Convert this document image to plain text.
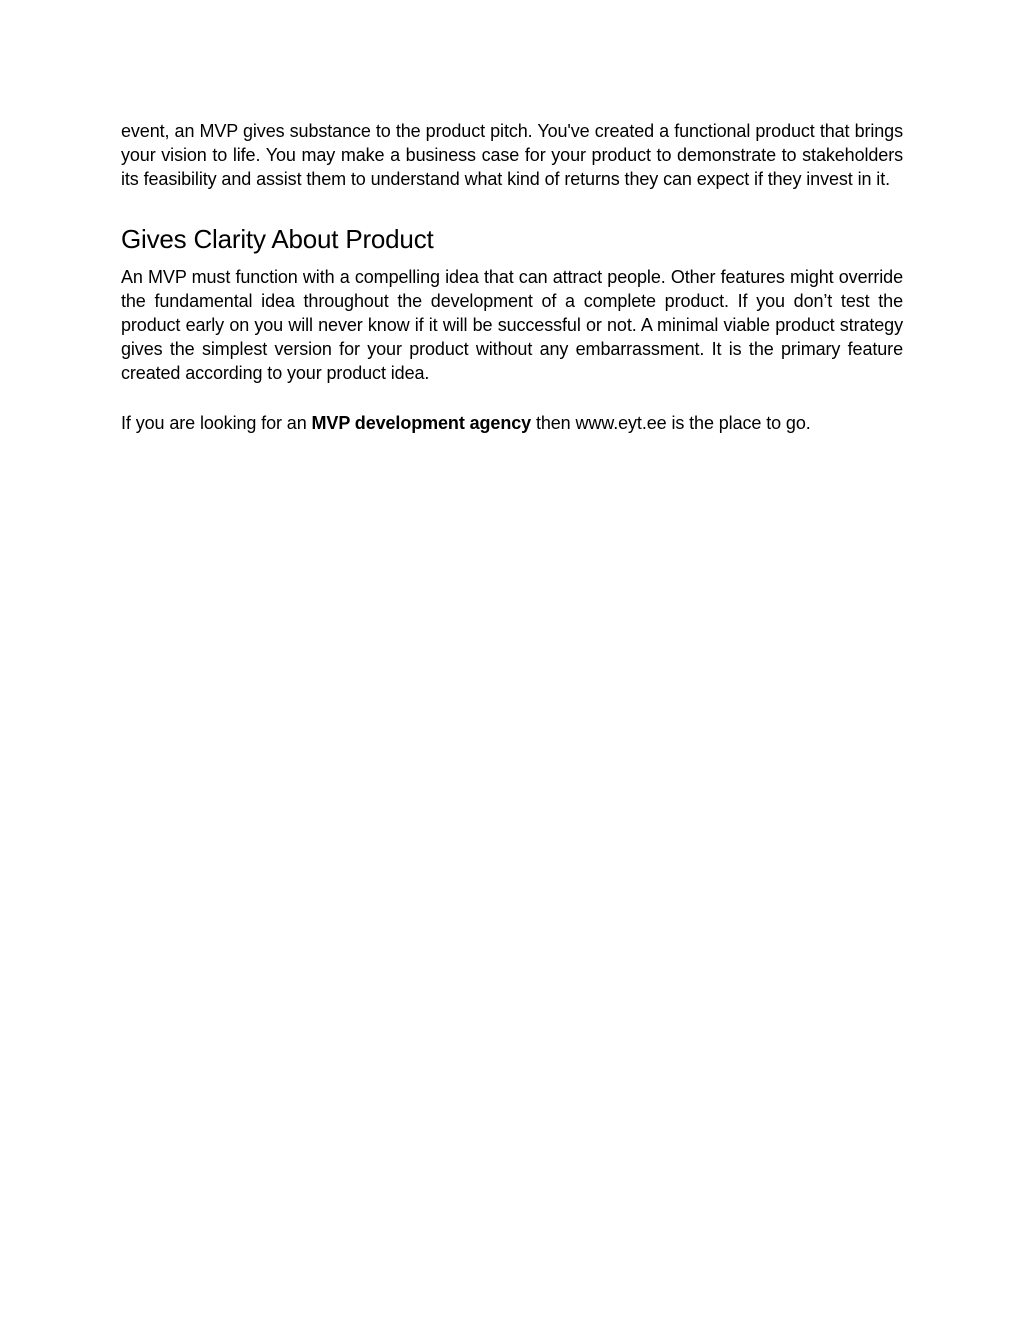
event, an MVP gives substance to the product pitch. You've created a functional product that brings your vision to life. You may make a business case for your product to demonstrate to stakeholders its feasibility and assist them to understand what kind of returns they can expect if they invest in it.

Gives Clarity About Product

An MVP must function with a compelling idea that can attract people. Other features might override the fundamental idea throughout the development of a complete product. If you don’t test the product early on you will never know if it will be successful or not. A minimal viable product strategy gives the simplest version for your product without any embarrassment. It is the primary feature created according to your product idea.

If you are looking for an MVP development agency then www.eyt.ee is the place to go.
